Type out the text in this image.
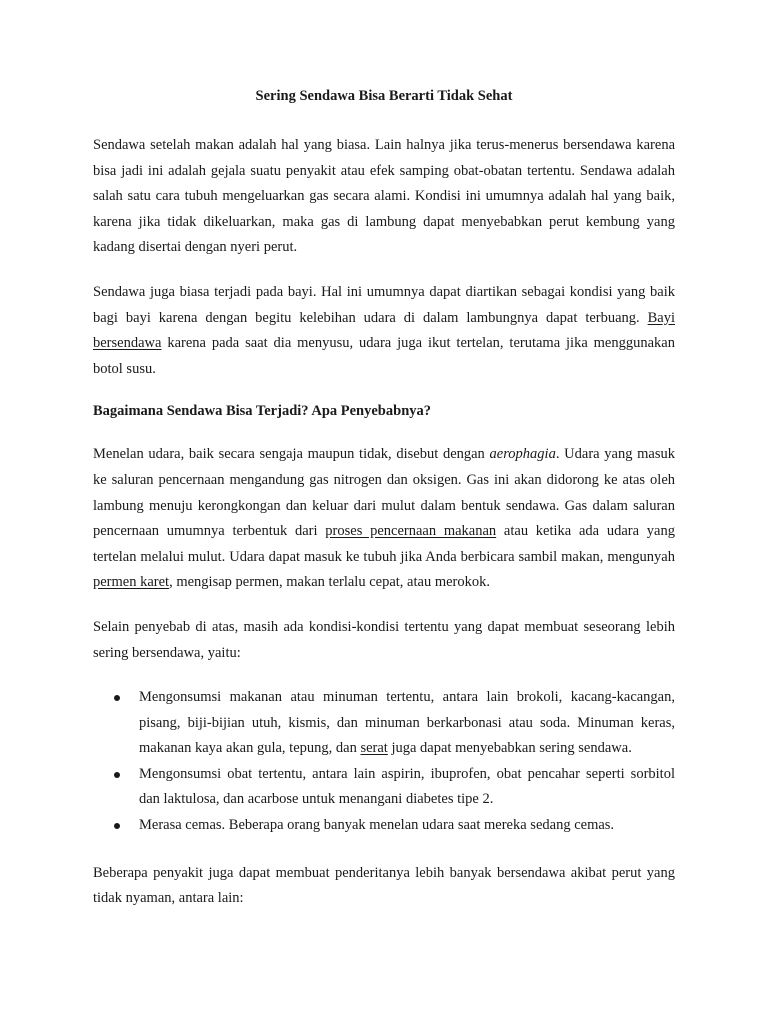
Sering Sendawa Bisa Berarti Tidak Sehat

Sendawa setelah makan adalah hal yang biasa. Lain halnya jika terus-menerus bersendawa karena bisa jadi ini adalah gejala suatu penyakit atau efek samping obat-obatan tertentu. Sendawa adalah salah satu cara tubuh mengeluarkan gas secara alami. Kondisi ini umumnya adalah hal yang baik, karena jika tidak dikeluarkan, maka gas di lambung dapat menyebabkan perut kembung yang kadang disertai dengan nyeri perut.

Sendawa juga biasa terjadi pada bayi. Hal ini umumnya dapat diartikan sebagai kondisi yang baik bagi bayi karena dengan begitu kelebihan udara di dalam lambungnya dapat terbuang. Bayi bersendawa karena pada saat dia menyusu, udara juga ikut tertelan, terutama jika menggunakan botol susu.

Bagaimana Sendawa Bisa Terjadi? Apa Penyebabnya?

Menelan udara, baik secara sengaja maupun tidak, disebut dengan aerophagia. Udara yang masuk ke saluran pencernaan mengandung gas nitrogen dan oksigen. Gas ini akan didorong ke atas oleh lambung menuju kerongkongan dan keluar dari mulut dalam bentuk sendawa. Gas dalam saluran pencernaan umumnya terbentuk dari proses pencernaan makanan atau ketika ada udara yang tertelan melalui mulut. Udara dapat masuk ke tubuh jika Anda berbicara sambil makan, mengunyah permen karet, mengisap permen, makan terlalu cepat, atau merokok.

Selain penyebab di atas, masih ada kondisi-kondisi tertentu yang dapat membuat seseorang lebih sering bersendawa, yaitu:

Mengonsumsi makanan atau minuman tertentu, antara lain brokoli, kacang-kacangan, pisang, biji-bijian utuh, kismis, dan minuman berkarbonasi atau soda. Minuman keras, makanan kaya akan gula, tepung, dan serat juga dapat menyebabkan sering sendawa.
Mengonsumsi obat tertentu, antara lain aspirin, ibuprofen, obat pencahar seperti sorbitol dan laktulosa, dan acarbose untuk menangani diabetes tipe 2.
Merasa cemas. Beberapa orang banyak menelan udara saat mereka sedang cemas.

Beberapa penyakit juga dapat membuat penderitanya lebih banyak bersendawa akibat perut yang tidak nyaman, antara lain:
